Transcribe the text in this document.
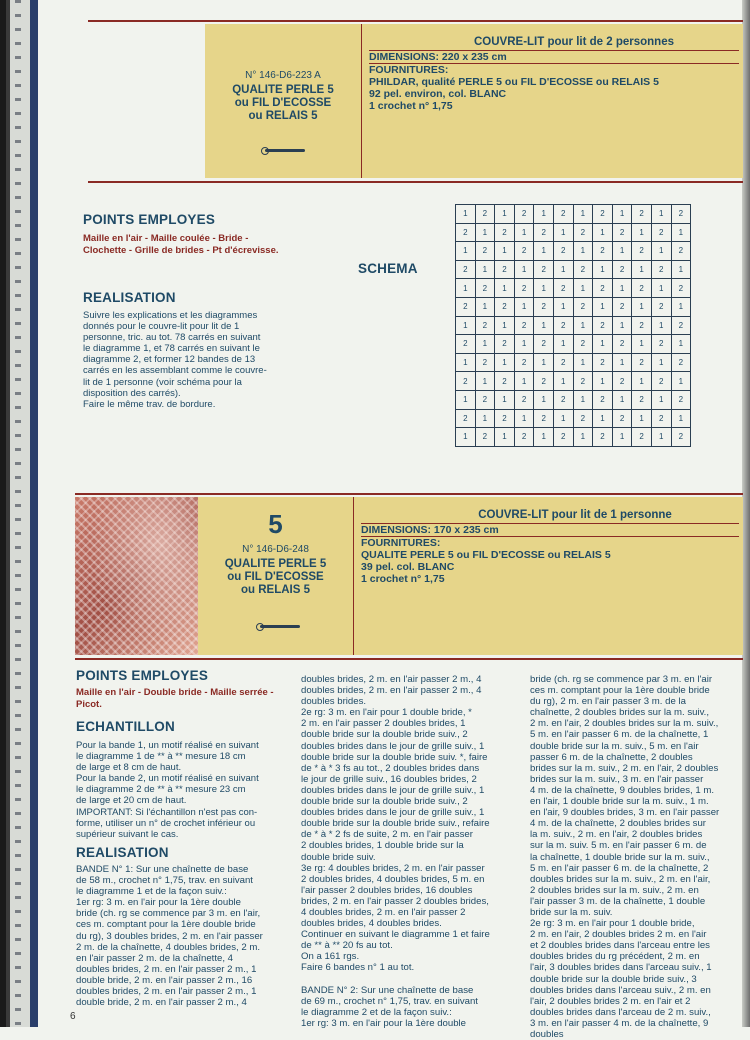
N° 146-D6-223 A
QUALITE PERLE 5
ou FIL D'ECOSSE
ou RELAIS 5
COUVRE-LIT pour lit de 2 personnes
DIMENSIONS: 220 x 235 cm
FOURNITURES:
PHILDAR, qualité PERLE 5 ou FIL D'ECOSSE ou RELAIS 5
92 pel. environ, col. BLANC
1 crochet n° 1,75
POINTS EMPLOYES
Maille en l'air - Maille coulée - Bride -
Clochette - Grille de brides - Pt d'écrevisse.
SCHEMA
REALISATION
Suivre les explications et les diagrammes
donnés pour le couvre-lit pour lit de 1
personne, tric. au tot. 78 carrés en suivant
le diagramme 1, et 78 carrés en suivant le
diagramme 2, et former 12 bandes de 13
carrés en les assemblant comme le couvre-
lit de 1 personne (voir schéma pour la
disposition des carrés).
Faire le même trav. de bordure.
1	2	1	2	1	2	1	2	1	2	1	2
2	1	2	1	2	1	2	1	2	1	2	1
1	2	1	2	1	2	1	2	1	2	1	2
2	1	2	1	2	1	2	1	2	1	2	1
1	2	1	2	1	2	1	2	1	2	1	2
2	1	2	1	2	1	2	1	2	1	2	1
1	2	1	2	1	2	1	2	1	2	1	2
2	1	2	1	2	1	2	1	2	1	2	1
1	2	1	2	1	2	1	2	1	2	1	2
2	1	2	1	2	1	2	1	2	1	2	1
1	2	1	2	1	2	1	2	1	2	1	2
2	1	2	1	2	1	2	1	2	1	2	1
1	2	1	2	1	2	1	2	1	2	1	2
5
N° 146-D6-248
QUALITE PERLE 5
ou FIL D'ECOSSE
ou RELAIS 5
COUVRE-LIT pour lit de 1 personne
DIMENSIONS: 170 x 235 cm
FOURNITURES:
QUALITE PERLE 5 ou FIL D'ECOSSE ou RELAIS 5
39 pel. col. BLANC
1 crochet n° 1,75
POINTS EMPLOYES
Maille en l'air - Double bride - Maille serrée -
Picot.
ECHANTILLON
Pour la bande 1, un motif réalisé en suivant
le diagramme 1 de ** à ** mesure 18 cm
de large et 8 cm de haut.
Pour la bande 2, un motif réalisé en suivant
le diagramme 2 de ** à ** mesure 23 cm
de large et 20 cm de haut.
IMPORTANT: Si l'échantillon n'est pas con-
forme, utiliser un n° de crochet inférieur ou
supérieur suivant le cas.
REALISATION

BANDE N° 1: Sur une chaînette de base

de 58 m., crochet n° 1,75, trav. en suivant

le diagramme 1 et de la façon suiv.:

1er rg: 3 m. en l'air pour la 1ère double

bride (ch. rg se commence par 3 m. en l'air,

ces m. comptant pour la 1ère double bride

du rg), 3 doubles brides, 2 m. en l'air passer

2 m. de la chaînette, 4 doubles brides, 2 m.

en l'air passer 2 m. de la chaînette, 4

doubles brides, 2 m. en l'air passer 2 m., 1

double bride, 2 m. en l'air passer 2 m., 16

doubles brides, 2 m. en l'air passer 2 m., 1

double bride, 2 m. en l'air passer 2 m., 4

doubles brides, 2 m. en l'air passer 2 m., 4

doubles brides, 2 m. en l'air passer 2 m., 4

doubles brides.

2e rg: 3 m. en l'air pour 1 double bride, *

2 m. en l'air passer 2 doubles brides, 1

double bride sur la double bride suiv., 2

doubles brides dans le jour de grille suiv., 1

double bride sur la double bride suiv. *, faire

de * à * 3 fs au tot., 2 doubles brides dans

le jour de grille suiv., 16 doubles brides, 2

doubles brides dans le jour de grille suiv., 1

double bride sur la double bride suiv., 2

doubles brides dans le jour de grille suiv., 1

double bride sur la double bride suiv., refaire

de * à * 2 fs de suite, 2 m. en l'air passer

2 doubles brides, 1 double bride sur la

double bride suiv.

3e rg: 4 doubles brides, 2 m. en l'air passer

2 doubles brides, 4 doubles brides, 5 m. en

l'air passer 2 doubles brides, 16 doubles

brides, 2 m. en l'air passer 2 doubles brides,

4 doubles brides, 2 m. en l'air passer 2

doubles brides, 4 doubles brides.

Continuer en suivant le diagramme 1 et faire

de ** à ** 20 fs au tot.

On a 161 rgs.

Faire 6 bandes n° 1 au tot.

BANDE N° 2: Sur une chaînette de base

de 69 m., crochet n° 1,75, trav. en suivant

le diagramme 2 et de la façon suiv.:

1er rg: 3 m. en l'air pour la 1ère double

bride (ch. rg se commence par 3 m. en l'air

ces m. comptant pour la 1ère double bride

du rg), 2 m. en l'air passer 3 m. de la

chaînette, 2 doubles brides sur la m. suiv.,

2 m. en l'air, 2 doubles brides sur la m. suiv.,

5 m. en l'air passer 6 m. de la chaînette, 1

double bride sur la m. suiv., 5 m. en l'air

passer 6 m. de la chaînette, 2 doubles

brides sur la m. suiv., 2 m. en l'air, 2 doubles

brides sur la m. suiv., 3 m. en l'air passer

4 m. de la chaînette, 9 doubles brides, 1 m.

en l'air, 1 double bride sur la m. suiv., 1 m.

en l'air, 9 doubles brides, 3 m. en l'air passer

4 m. de la chaînette, 2 doubles brides sur

la m. suiv., 2 m. en l'air, 2 doubles brides

sur la m. suiv. 5 m. en l'air passer 6 m. de

la chaînette, 1 double bride sur la m. suiv.,

5 m. en l'air passer 6 m. de la chaînette, 2

doubles brides sur la m. suiv., 2 m. en l'air,

2 doubles brides sur la m. suiv., 2 m. en

l'air passer 3 m. de la chaînette, 1 double

bride sur la m. suiv.

2e rg: 3 m. en l'air pour 1 double bride,

2 m. en l'air, 2 doubles brides 2 m. en l'air

et 2 doubles brides dans l'arceau entre les

doubles brides du rg précédent, 2 m. en

l'air, 3 doubles brides dans l'arceau suiv., 1

double bride sur la double bride suiv., 3

doubles brides dans l'arceau suiv., 2 m. en

l'air, 2 doubles brides 2 m. en l'air et 2

doubles brides dans l'arceau de 2 m. suiv.,

3 m. en l'air passer 4 m. de la chaînette, 9 doubles

6
